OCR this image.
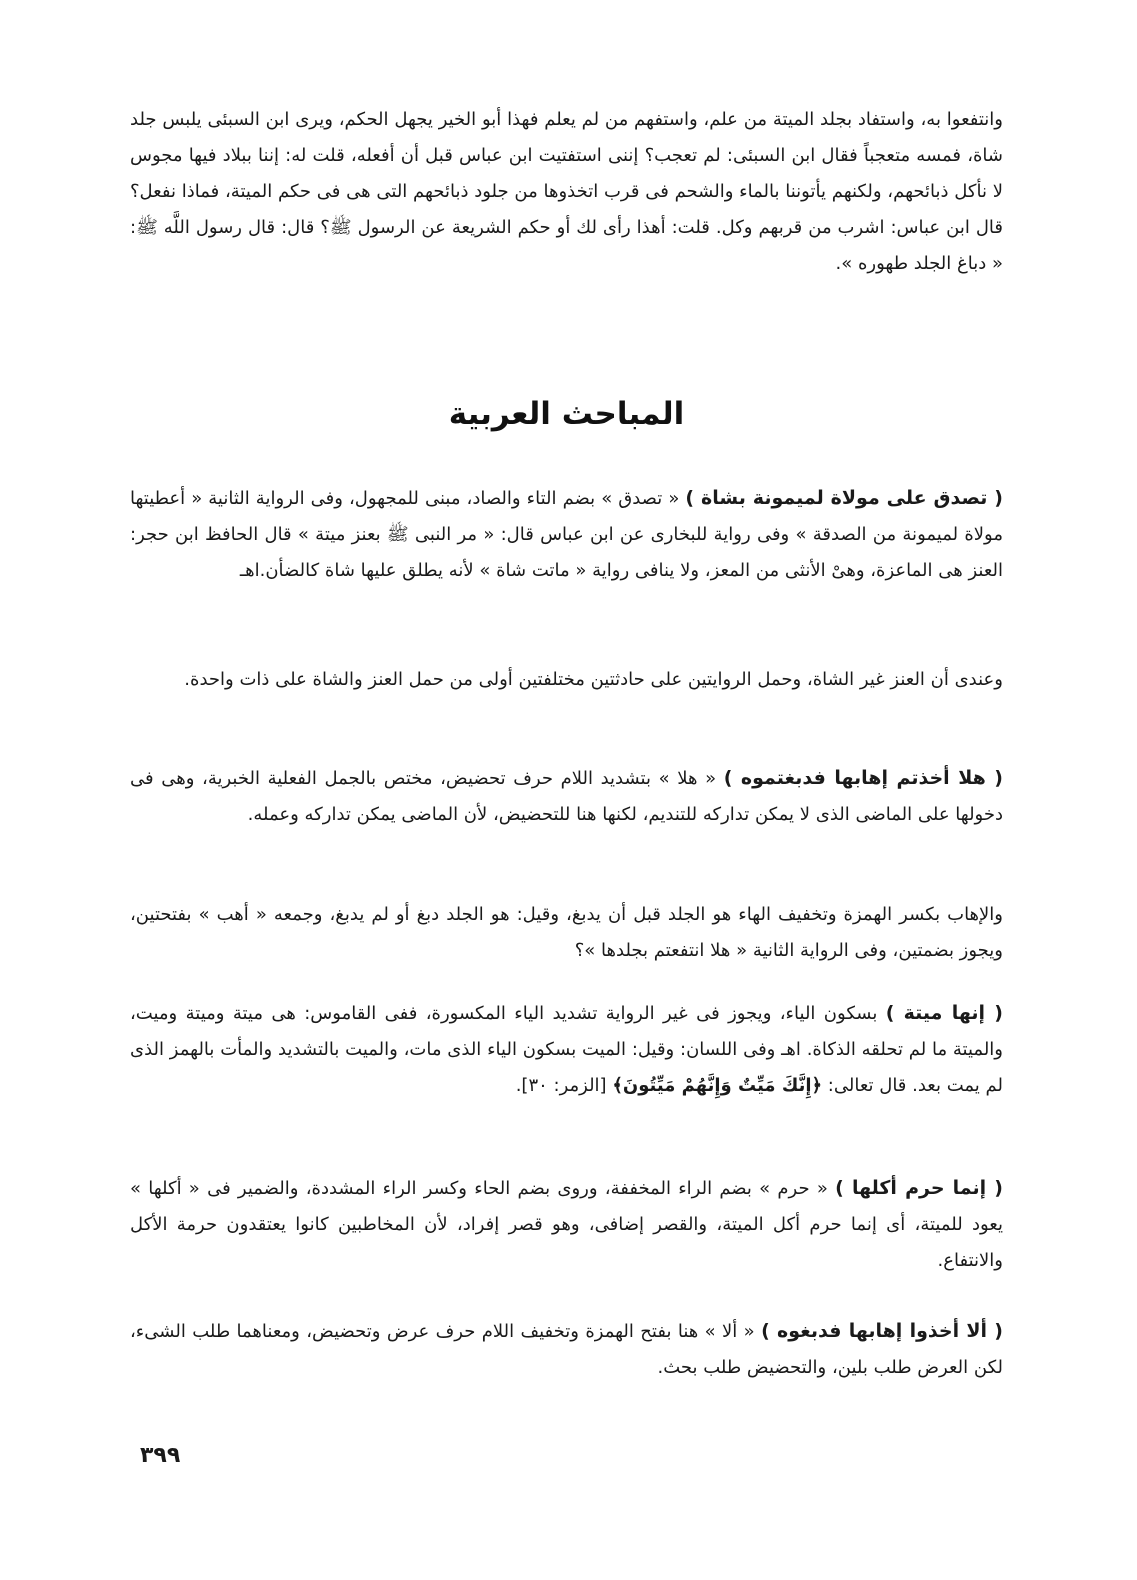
وانتفعوا به، واستفاد بجلد الميتة من علم، واستفهم من لم يعلم فهذا أبو الخير يجهل الحكم، ويرى ابن السبئى يلبس جلد شاة، فمسه متعجباً فقال ابن السبئى: لم تعجب؟ إننى استفتيت ابن عباس قبل أن أفعله، قلت له: إننا ببلاد فيها مجوس لا نأكل ذبائحهم، ولكنهم يأتوننا بالماء والشحم فى قرب اتخذوها من جلود ذبائحهم التى هى فى حكم الميتة، فماذا نفعل؟ قال ابن عباس: اشرب من قربهم وكل. قلت: أهذا رأى لك أو حكم الشريعة عن الرسول ﷺ؟ قال: قال رسول اللَّه ﷺ: « دباغ الجلد طهوره ».

المباحث العربية

( تصدق على مولاة لميمونة بشاة ) « تصدق » بضم التاء والصاد، مبنى للمجهول، وفى الرواية الثانية « أعطيتها مولاة لميمونة من الصدقة » وفى رواية للبخارى عن ابن عباس قال: « مر النبى ﷺ بعنز ميتة » قال الحافظ ابن حجر: العنز هى الماعزة، وهىْ الأنثى من المعز، ولا ينافى رواية « ماتت شاة » لأنه يطلق عليها شاة كالضأن.اهـ

وعندى أن العنز غير الشاة، وحمل الروايتين على حادثتين مختلفتين أولى من حمل العنز والشاة على ذات واحدة.

( هلا أخذتم إهابها فدبغتموه ) « هلا » بتشديد اللام حرف تحضيض، مختص بالجمل الفعلية الخبرية، وهى فى دخولها على الماضى الذى لا يمكن تداركه للتنديم، لكنها هنا للتحضيض، لأن الماضى يمكن تداركه وعمله.

والإهاب بكسر الهمزة وتخفيف الهاء هو الجلد قبل أن يدبغ، وقيل: هو الجلد دبغ أو لم يدبغ، وجمعه « أهب » بفتحتين، ويجوز بضمتين، وفى الرواية الثانية « هلا انتفعتم بجلدها »؟

( إنها ميتة ) بسكون الياء، ويجوز فى غير الرواية تشديد الياء المكسورة، ففى القاموس: هى ميتة وميتة وميت، والميتة ما لم تحلقه الذكاة. اهـ وفى اللسان: وقيل: الميت بسكون الياء الذى مات، والميت بالتشديد والمأت بالهمز الذى لم يمت بعد. قال تعالى: ﴿إِنَّكَ مَيِّتٌ وَإِنَّهُمْ مَيِّتُونَ﴾ [الزمر: ٣٠].

( إنما حرم أكلها ) « حرم » بضم الراء المخففة، وروى بضم الحاء وكسر الراء المشددة، والضمير فى « أكلها » يعود للميتة، أى إنما حرم أكل الميتة، والقصر إضافى، وهو قصر إفراد، لأن المخاطبين كانوا يعتقدون حرمة الأكل والانتفاع.

( ألا أخذوا إهابها فدبغوه ) « ألا » هنا بفتح الهمزة وتخفيف اللام حرف عرض وتحضيض، ومعناهما طلب الشىء، لكن العرض طلب بلين، والتحضيض طلب بحث.

٣٩٩
